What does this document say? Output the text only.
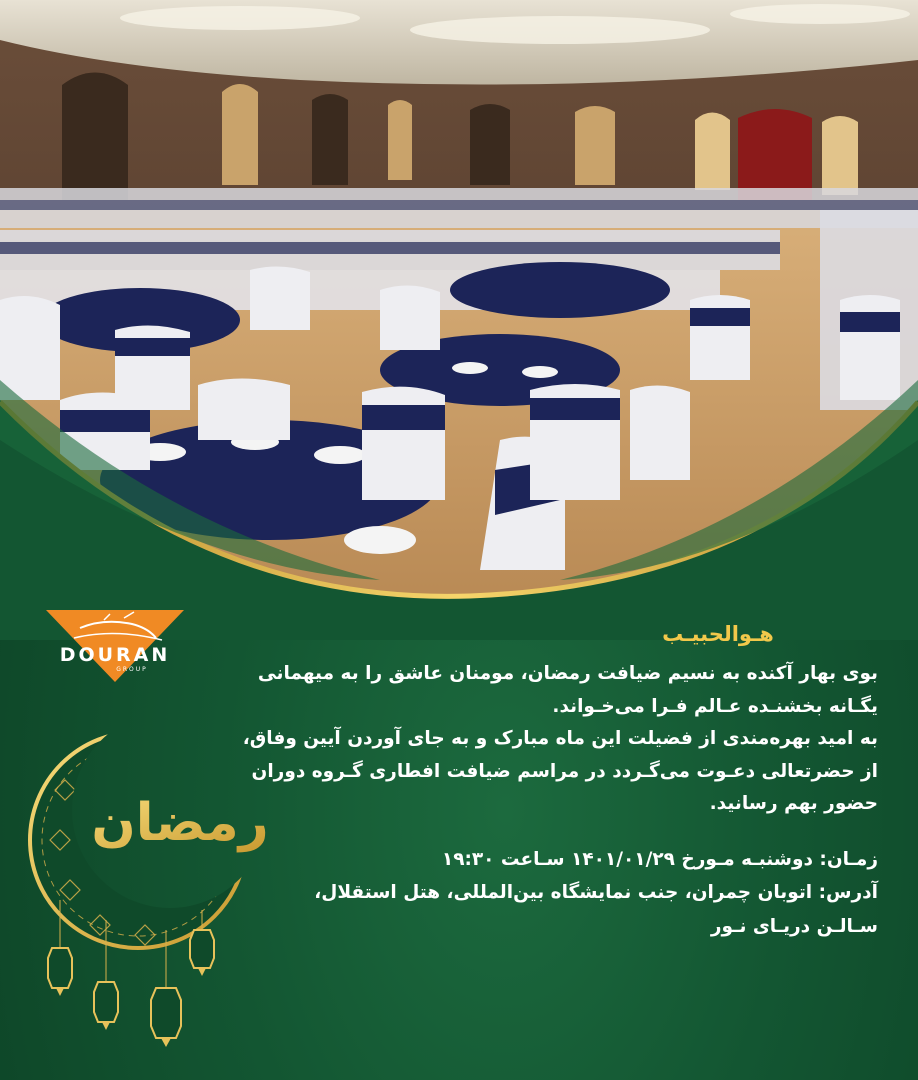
DOURAN
GROUP
هـوالحبیـب

بوی بهار آکنده به نسیم ضیافت رمضان، مومنان عاشق را به میهمانی یگـانه بخشنـده عـالم فـرا می‌خـواند.

به امید بهره‌مندی از فضیلت این ماه مبارک و به جای آوردن آیین وفاق، از حضرتعالی دعـوت می‌گـردد در مراسم ضیافت افطاری گـروه دوران حضور بهم رسانید.

زمـان: دوشنبـه مـورخ ۱۴۰۱/۰۱/۲۹ سـاعت ۱۹:۳۰

آدرس: اتوبان چمران، جنب نمایشگاه بین‌المللی، هتل استقلال،

سـالـن دریـای نـور

رمضان
